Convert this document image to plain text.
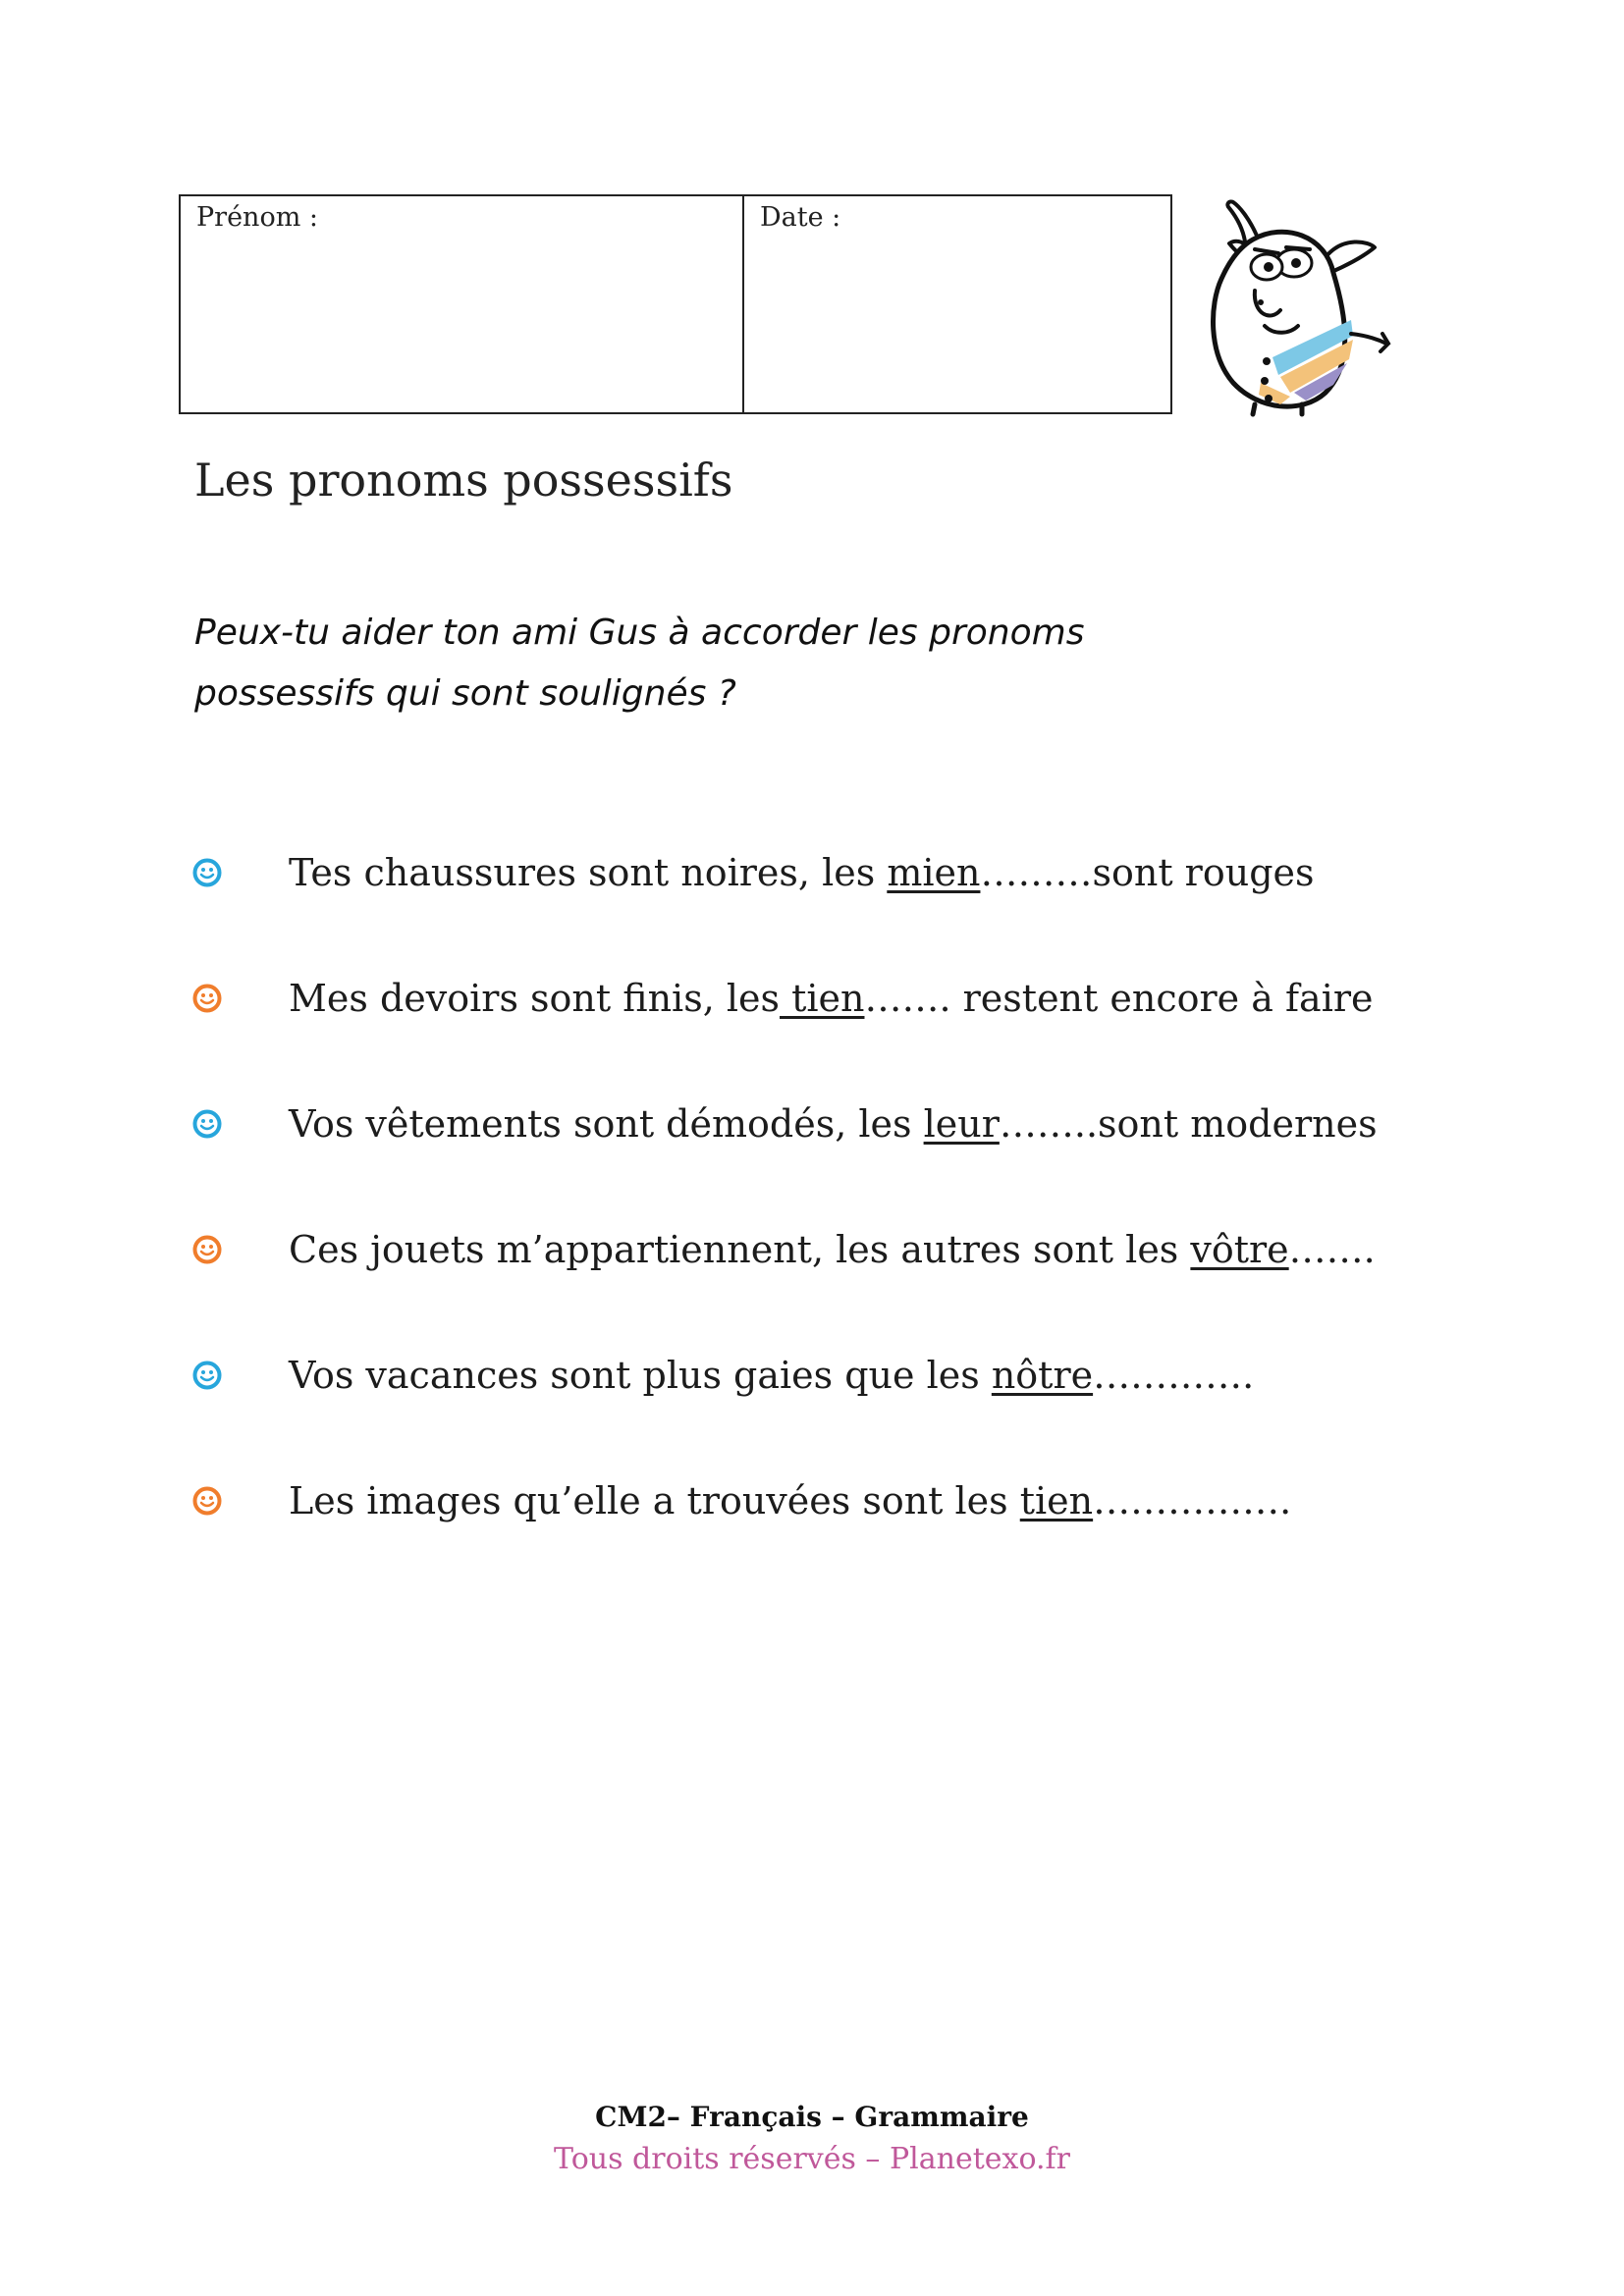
Prénom :	Date :
Les pronoms possessifs
Peux-tu aider ton ami Gus à accorder les pronoms
possessifs qui sont soulignés ?
Tes chaussures sont noires, les mien………sont rouges
Mes devoirs sont finis, les tien……. restent encore à faire
Vos vêtements sont démodés, les leur……..sont modernes
Ces jouets m’appartiennent, les autres sont les vôtre…….
Vos vacances sont plus gaies que les nôtre………….
Les images qu’elle a trouvées sont les tien…………….
CM2– Français – Grammaire
Tous droits réservés – Planetexo.fr
